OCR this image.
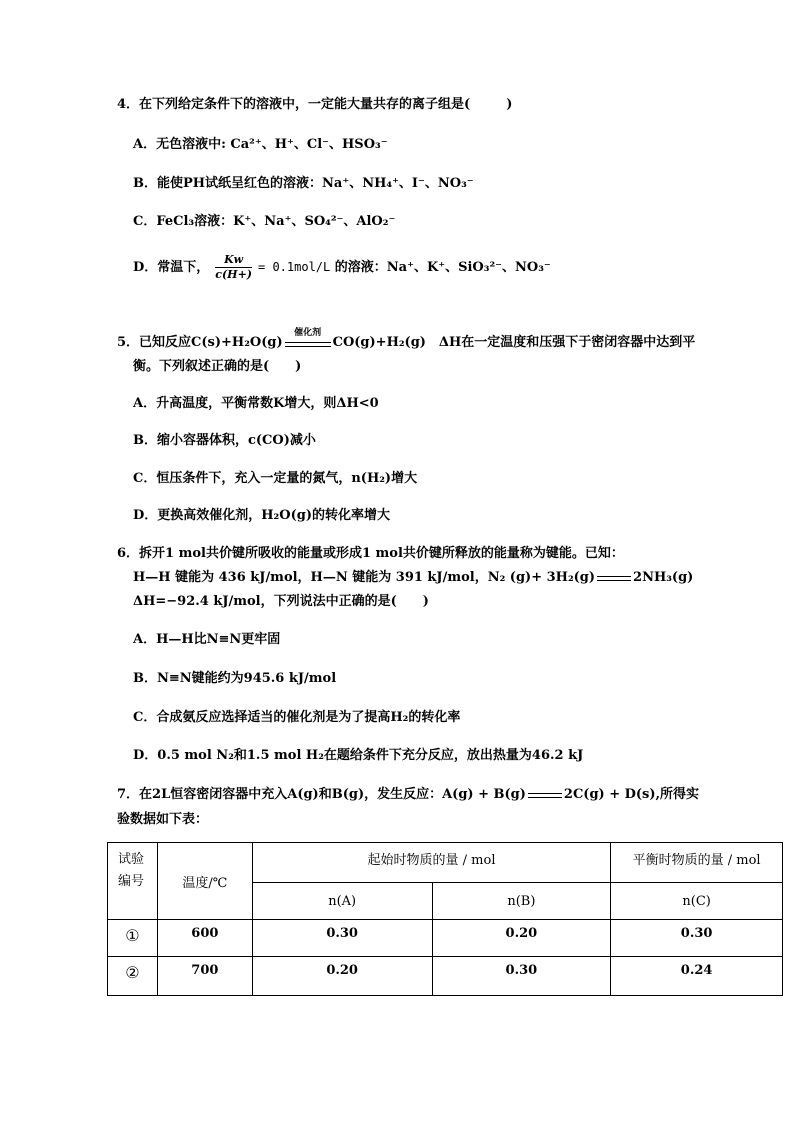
4．在下列给定条件下的溶液中，一定能大量共存的离子组是(	)
A．无色溶液中: Ca²⁺、H⁺、Cl⁻、HSO₃⁻
B．能使PH试纸呈红色的溶液：Na⁺、NH₄⁺、I⁻、NO₃⁻
C．FeCl₃溶液：K⁺、Na⁺、SO₄²⁻、AlO₂⁻
D．常温下， $\frac{Kw}{c(H+)} = 0.1mol/L$ 的溶液：Na⁺、K⁺、SiO₃²⁻、NO₃⁻
5．已知反应C(s)+H₂O(g)
催化剂
CO(g)+H₂(g)　ΔH在一定温度和压强下于密闭容器中达到平
衡。下列叙述正确的是(　　)
A．升高温度，平衡常数K增大，则ΔH<0
B．缩小容器体积，c(CO)减小
C．恒压条件下，充入一定量的氮气，n(H₂)增大
D．更换高效催化剂，H₂O(g)的转化率增大
6．拆开1 mol共价键所吸收的能量或形成1 mol共价键所释放的能量称为键能。已知：
H—H 键能为 436 kJ/mol，H—N 键能为 391 kJ/mol，N₂ (g)+ 3H₂(g)	2NH₃(g)
ΔH=−92.4 kJ/mol，下列说法中正确的是(　　)
A．H—H比N≡N更牢固
B．N≡N键能约为945.6 kJ/mol
C．合成氨反应选择适当的催化剂是为了提高H₂的转化率
D．0.5 mol N₂和1.5 mol H₂在题给条件下充分反应，放出热量为46.2 kJ
7．在2L恒容密闭容器中充入A(g)和B(g)，发生反应：A(g) + B(g)	2C(g) + D(s),所得实
验数据如下表：
试验
编号	温度/℃	起始时物质的量 / mol		平衡时物质的量 / mol
		n(A)	n(B)	n(C)
①	600	0.30	0.20	0.30
②	700	0.20	0.30	0.24
